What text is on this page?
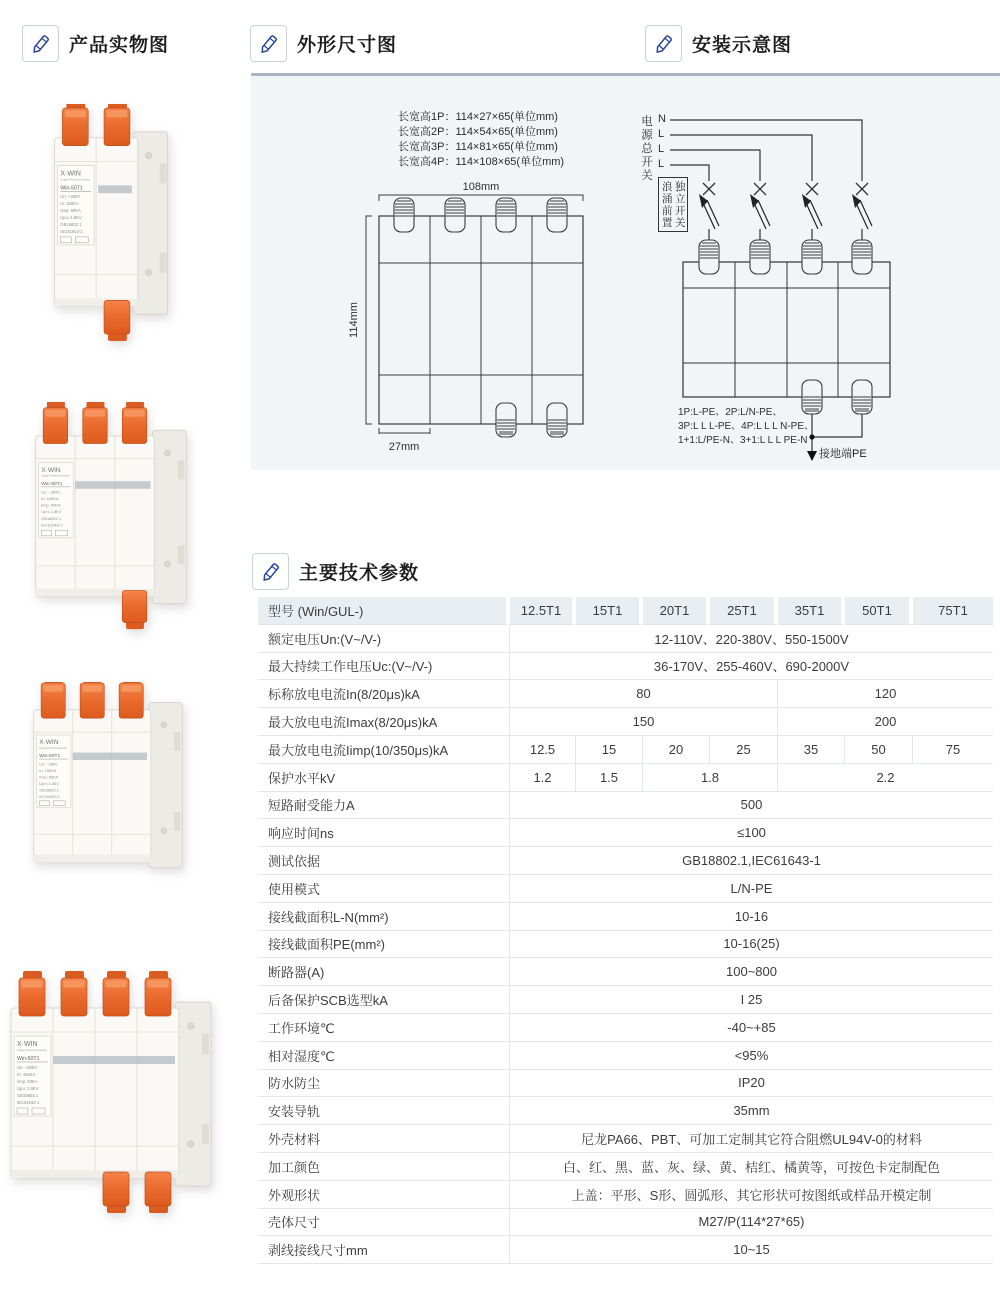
产品实物图	外形尺寸图	安装示意图
长宽高1P：114×27×65(单位mm)
长宽高2P：114×54×65(单位mm)
长宽高3P：114×81×65(单位mm)
长宽高4P：114×108×65(单位mm)
108mm
114mm
27mm
电源总开关 N
L
L
L
浪涌前置 独立开关
1P:L-PE、2P:L/N-PE、
3P:L L L-PE、4P:L L L N-PE、
1+1:L/PE-N、3+1:L L L PE-N
接地端PE
X·WIN
Surge Protective Device
Win-50T1
Un: ~385V
In: 150KA
Iimp: 50KA
Up:≤ 1.8KV
GB18802.1
IEC61643-1
X·WIN
Surge Protective Device
Win-50T1
Un: ~385V
In: 150KA
Iimp: 50KA
Up:≤ 1.8KV
GB18802.1
IEC61643-1
X·WIN
Surge Protective Device
Win-50T1
Un: ~385V
In: 150KA
Iimp: 50KA
Up:≤ 1.8KV
GB18802.1
IEC61643-1
X·WIN
Surge Protective Device
Win-50T1
Un: ~385V
In: 150KA
Iimp: 50KA
Up:≤ 1.8KV
GB18802.1
IEC61643-1
主要技术参数
型号 (Win/GUL-)	12.5T1	15T1	20T1	25T1	35T1	50T1	75T1
额定电压Un:(V~/V-)	12-110V、220-380V、550-1500V						
最大持续工作电压Uc:(V~/V-)	36-170V、255-460V、690-2000V						
标称放电电流In(8/20μs)kA	80				120		
最大放电电流Imax(8/20μs)kA	150				200		
最大放电电流Iimp(10/350μs)kA	12.5	15	20	25	35	50	75
保护水平kV	1.2	1.5	1.8		2.2		
短路耐受能力A	500						
响应时间ns	≤100						
测试依据	GB18802.1,IEC61643-1						
使用模式	L/N-PE						
接线截面积L-N(mm²)	10-16						
接线截面积PE(mm²)	10-16(25)						
断路器(A)	100~800						
后备保护SCB选型kA	I 25						
工作环境℃	-40~+85						
相对湿度℃	<95%						
防水防尘	IP20						
安装导轨	35mm						
外壳材料	尼龙PA66、PBT、可加工定制其它符合阻燃UL94V-0的材料						
加工颜色	白、红、黑、蓝、灰、绿、黄、桔红、橘黄等，可按色卡定制配色						
外观形状	上盖：平形、S形、圆弧形、其它形状可按图纸或样品开模定制						
壳体尺寸	M27/P(114*27*65)						
剥线接线尺寸mm	10~15						
